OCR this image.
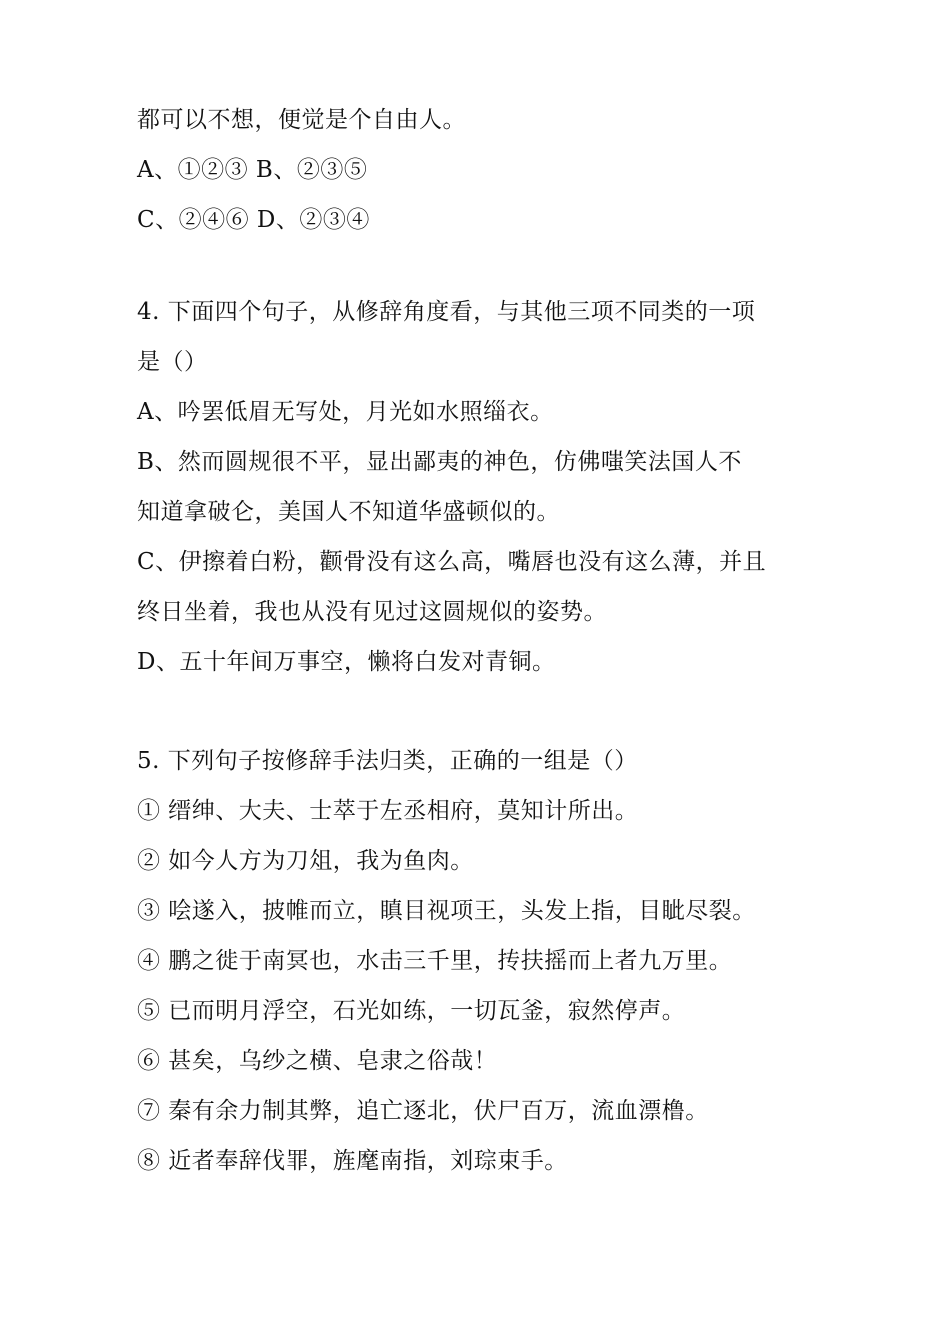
都可以不想，便觉是个自由人。
A、①②③ B、②③⑤
C、②④⑥ D、②③④
4. 下面四个句子，从修辞角度看，与其他三项不同类的一项
是（）
A、吟罢低眉无写处，月光如水照缁衣。
B、然而圆规很不平，显出鄙夷的神色，仿佛嗤笑法国人不
知道拿破仑，美国人不知道华盛顿似的。
C、伊擦着白粉，颧骨没有这么高，嘴唇也没有这么薄，并且
终日坐着，我也从没有见过这圆规似的姿势。
D、五十年间万事空，懒将白发对青铜。
5. 下列句子按修辞手法归类，正确的一组是（）
① 缙绅、大夫、士萃于左丞相府，莫知计所出。
② 如今人方为刀俎，我为鱼肉。
③ 哙遂入，披帷而立，瞋目视项王，头发上指，目眦尽裂。
④ 鹏之徙于南冥也，水击三千里，抟扶摇而上者九万里。
⑤ 已而明月浮空，石光如练，一切瓦釜，寂然停声。
⑥ 甚矣，乌纱之横、皂隶之俗哉！
⑦ 秦有余力制其弊，追亡逐北，伏尸百万，流血漂橹。
⑧ 近者奉辞伐罪，旌麾南指，刘琮束手。
